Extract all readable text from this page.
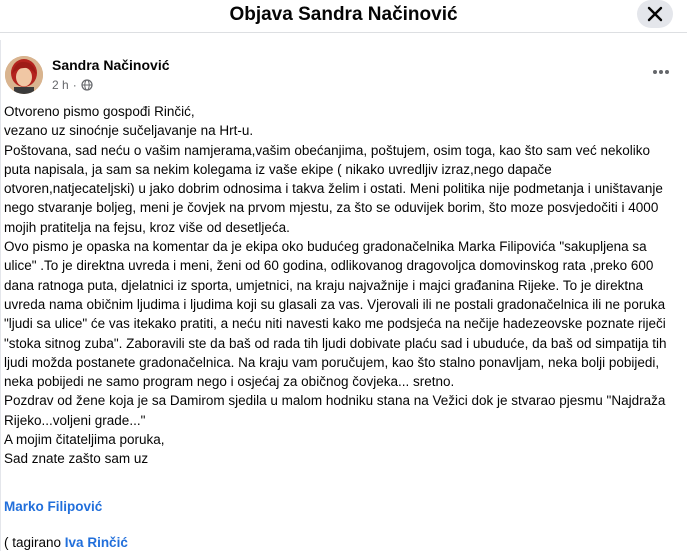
Objava Sandra Načinović
Sandra Načinović
2 h ·
Otvoreno pismo gospođi Rinčić,
vezano uz sinoćnje sučeljavanje na Hrt-u.
Poštovana, sad neću o vašim namjerama,vašim obećanjima, poštujem, osim toga, kao što sam već nekoliko puta napisala, ja sam sa nekim kolegama iz vaše ekipe ( nikako uvredljiv izraz,nego dapače otvoren,natjecateljski) u jako dobrim odnosima i takva želim i ostati. Meni politika nije podmetanja i uništavanje nego stvaranje boljeg, meni je čovjek na prvom mjestu, za što se oduvijek borim, što moze posvjedočiti i 4000 mojih pratitelja na fejsu, kroz više od desetljeća.
Ovo pismo je opaska na komentar da je ekipa oko budućeg gradonačelnika Marka Filipovića "sakupljena sa ulice" .To je direktna uvreda i meni, ženi od 60 godina, odlikovanog dragovoljca domovinskog rata ,preko 600 dana ratnoga puta, djelatnici iz sporta, umjetnici, na kraju najvažnije i majci građanina Rijeke. To je direktna uvreda nama običnim ljudima i ljudima koji su glasali za vas. Vjerovali ili ne postali gradonačelnica ili ne poruka "ljudi sa ulice" će vas itekako pratiti, a neću niti navesti kako me podsjeća na nečije hadezeovske poznate riječi "stoka sitnog zuba". Zaboravili ste da baš od rada tih ljudi dobivate plaću sad i ubuduće, da baš od simpatija tih ljudi možda postanete gradonačelnica. Na kraju vam poručujem, kao što stalno ponavljam, neka bolji pobijedi, neka pobijedi ne samo program nego i osjećaj za običnog čovjeka... sretno.
Pozdrav od žene koja je sa Damirom sjedila u malom hodniku stana na Vežici dok je stvarao pjesmu "Najdraža Rijeko...voljeni grade..."
A mojim čitateljima poruka,
Sad znate zašto sam uz
Marko Filipović
( tagirano Iva Rinčić
